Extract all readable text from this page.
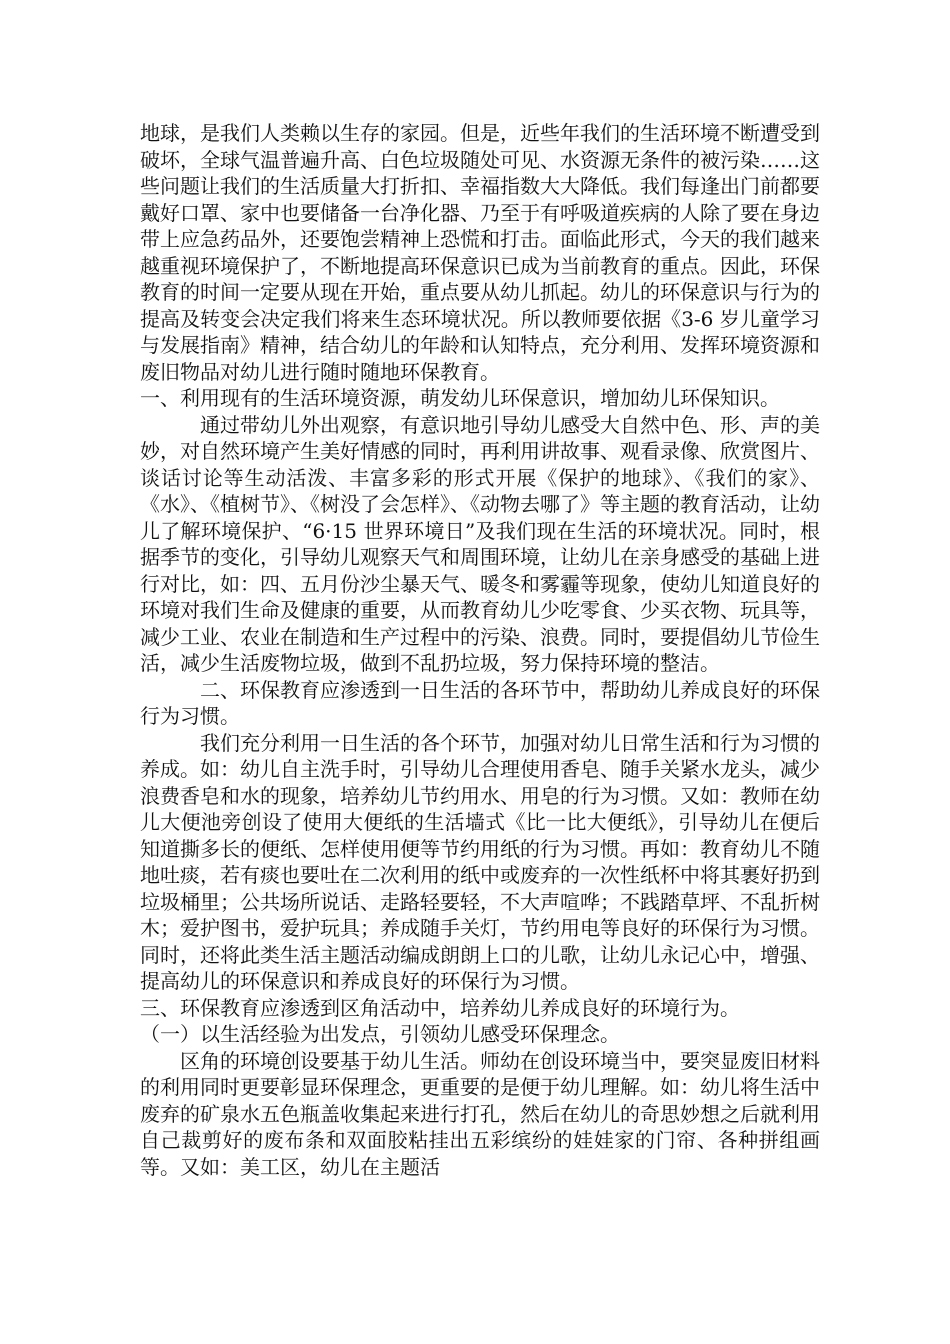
地球，是我们人类赖以生存的家园。但是，近些年我们的生活环境不断遭受到破坏，全球气温普遍升高、白色垃圾随处可见、水资源无条件的被污染……这些问题让我们的生活质量大打折扣、幸福指数大大降低。我们每逢出门前都要戴好口罩、家中也要储备一台净化器、乃至于有呼吸道疾病的人除了要在身边带上应急药品外，还要饱尝精神上恐慌和打击。面临此形式，今天的我们越来越重视环境保护了，不断地提高环保意识已成为当前教育的重点。因此，环保教育的时间一定要从现在开始，重点要从幼儿抓起。幼儿的环保意识与行为的提高及转变会决定我们将来生态环境状况。所以教师要依据《3-6 岁儿童学习与发展指南》精神，结合幼儿的年龄和认知特点，充分利用、发挥环境资源和废旧物品对幼儿进行随时随地环保教育。

一、利用现有的生活环境资源，萌发幼儿环保意识，增加幼儿环保知识。

通过带幼儿外出观察，有意识地引导幼儿感受大自然中色、形、声的美妙，对自然环境产生美好情感的同时，再利用讲故事、观看录像、欣赏图片、谈话讨论等生动活泼、丰富多彩的形式开展《保护的地球》、《我们的家》、《水》、《植树节》、《树没了会怎样》、《动物去哪了》等主题的教育活动，让幼儿了解环境保护、“6·15 世界环境日”及我们现在生活的环境状况。同时，根据季节的变化，引导幼儿观察天气和周围环境，让幼儿在亲身感受的基础上进行对比，如：四、五月份沙尘暴天气、暖冬和雾霾等现象，使幼儿知道良好的环境对我们生命及健康的重要，从而教育幼儿少吃零食、少买衣物、玩具等，减少工业、农业在制造和生产过程中的污染、浪费。同时，要提倡幼儿节俭生活，减少生活废物垃圾，做到不乱扔垃圾，努力保持环境的整洁。

二、环保教育应渗透到一日生活的各环节中，帮助幼儿养成良好的环保行为习惯。

我们充分利用一日生活的各个环节，加强对幼儿日常生活和行为习惯的养成。如：幼儿自主洗手时，引导幼儿合理使用香皂、随手关紧水龙头，减少浪费香皂和水的现象，培养幼儿节约用水、用皂的行为习惯。又如：教师在幼儿大便池旁创设了使用大便纸的生活墙式《比一比大便纸》，引导幼儿在便后知道撕多长的便纸、怎样使用便等节约用纸的行为习惯。再如：教育幼儿不随地吐痰，若有痰也要吐在二次利用的纸中或废弃的一次性纸杯中将其裹好扔到垃圾桶里；公共场所说话、走路轻要轻，不大声喧哗；不践踏草坪、不乱折树木；爱护图书，爱护玩具；养成随手关灯，节约用电等良好的环保行为习惯。同时，还将此类生活主题活动编成朗朗上口的儿歌，让幼儿永记心中，增强、提高幼儿的环保意识和养成良好的环保行为习惯。

三、环保教育应渗透到区角活动中，培养幼儿养成良好的环境行为。

（一）以生活经验为出发点，引领幼儿感受环保理念。

区角的环境创设要基于幼儿生活。师幼在创设环境当中，要突显废旧材料的利用同时更要彰显环保理念，更重要的是便于幼儿理解。如：幼儿将生活中废弃的矿泉水五色瓶盖收集起来进行打孔，然后在幼儿的奇思妙想之后就利用自己裁剪好的废布条和双面胶粘挂出五彩缤纷的娃娃家的门帘、各种拼组画等。又如：美工区，幼儿在主题活
